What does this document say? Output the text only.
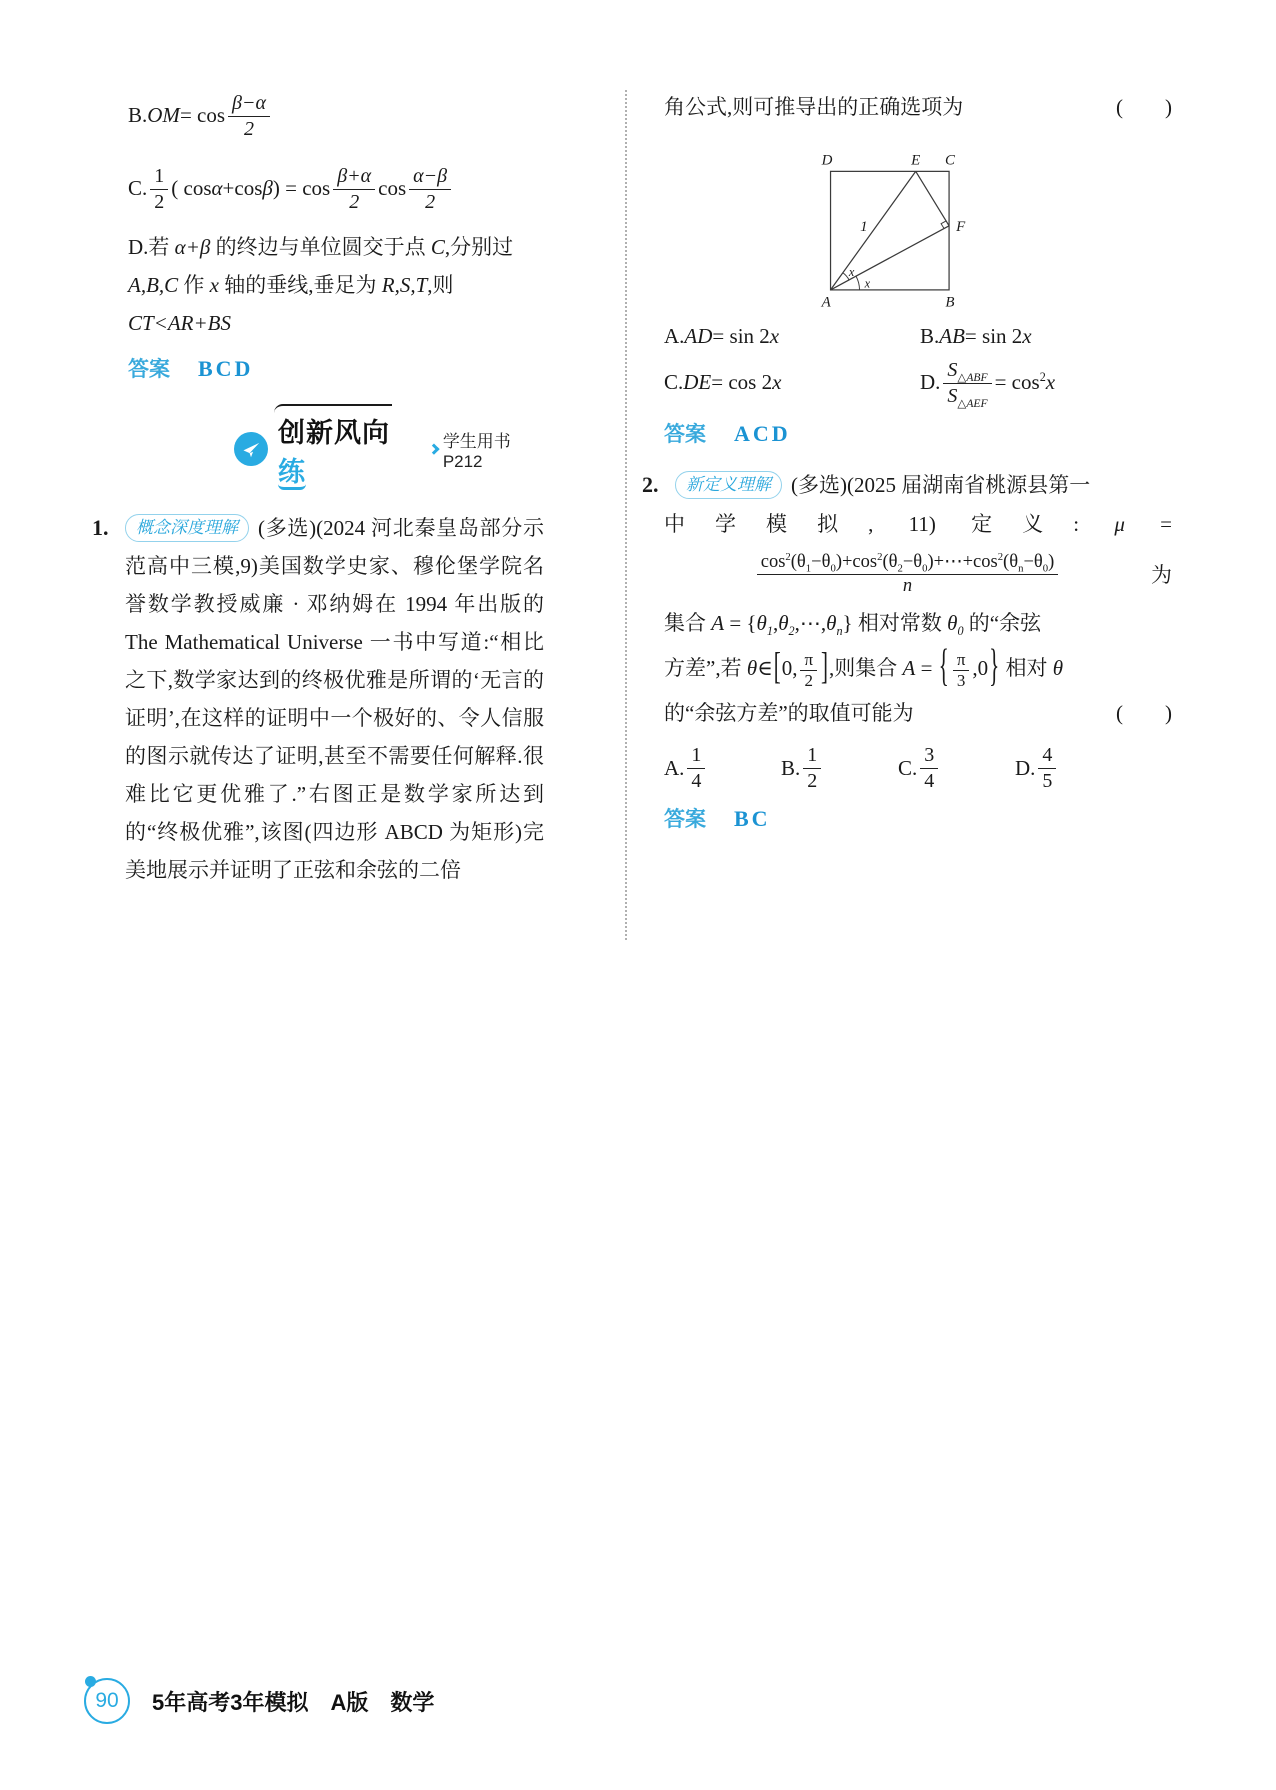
B. OM = $\cos \frac{\beta-\alpha}{2}$
C. $\frac{1}{2}$ ( cos α +cos β ) = $\cos \frac{\beta+\alpha}{2}$ $\cos \frac{\alpha-\beta}{2}$
D.若 α+β 的终边与单位圆交于点 C,分别过
A,B,C 作 x 轴的垂线,垂足为 R,S,T,则
CT<AR+BS
答案 BCD
创新风向练
学生用书P212
1. 概念深度理解 (多选)(2024 河北秦皇岛部分示范高中三模,9)美国数学史家、穆伦堡学院名誉数学教授威廉 · 邓纳姆在 1994 年出版的 The Mathematical Universe 一书中写道:“相比之下,数学家达到的终极优雅是所谓的‘无言的证明’,在这样的证明中一个极好的、令人信服的图示就传达了证明,甚至不需要任何解释.很难比它更优雅了.”右图正是数学家所达到的“终极优雅”,该图(四边形 ABCD 为矩形)完美地展示并证明了正弦和余弦的二倍
角公式,则可推导出的正确选项为	(　　)
D	E C
F
A	B
1
x
x
A. AD = sin 2 x	B. AB = sin 2 x
C. DE = cos 2 x	D. $\frac{S_{\triangle ABF}}{S_{\triangle AEF}} = \cos^2 x$
答案 ACD
2. 新定义理解 (多选)(2025 届湖南省桃源县第一
中学模拟, 11) 定义: μ =
$\frac{\cos^2(\theta_1-\theta_0)+\cos^2(\theta_2-\theta_0)+\cdots+\cos^2(\theta_n-\theta_0)}{n}$	为
集合 $A = \{\theta_1,\theta_2,\cdots,\theta_n\}$ 相对常数 $\theta_0$ 的“余弦
方差”,若 θ∈[0, $\frac{\pi}{2}$ ],则集合 A = { $\frac{\pi}{3} ,0$} 相对 θ
的“余弦方差”的取值可能为	(　　)
A. $\frac{1}{4}$	B. $\frac{1}{2}$	C. $\frac{3}{4}$	D. $\frac{4}{5}$
答案 BC
90 5年高考3年模拟 A版 数学
